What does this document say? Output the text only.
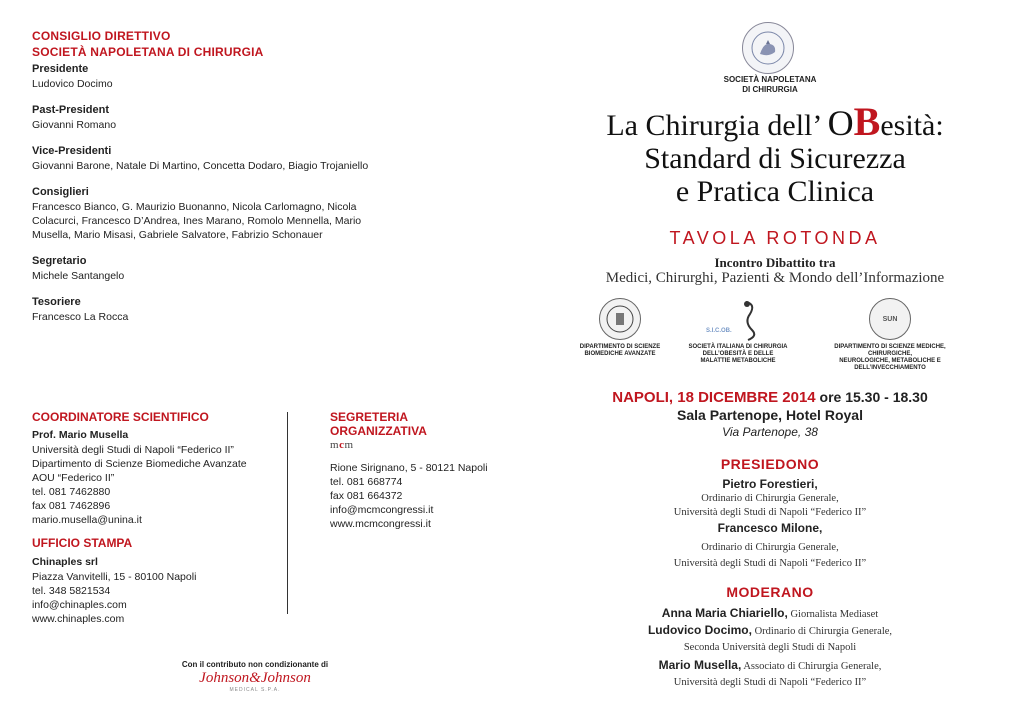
CONSIGLIO DIRETTIVO
SOCIETÀ NAPOLETANA DI CHIRURGIA
Presidente
Ludovico Docimo
Past-President
Giovanni Romano
Vice-Presidenti
Giovanni Barone, Natale Di Martino, Concetta Dodaro, Biagio Trojaniello
Consiglieri
Francesco Bianco, G. Maurizio Buonanno, Nicola Carlomagno, Nicola Colacurci, Francesco D’Andrea, Ines Marano, Romolo Mennella, Mario Musella, Mario Misasi, Gabriele Salvatore, Fabrizio Schonauer
Segretario
Michele Santangelo
Tesoriere
Francesco La Rocca
COORDINATORE SCIENTIFICO
Prof. Mario Musella
Università degli Studi di Napoli “Federico II”
Dipartimento di Scienze Biomediche Avanzate
AOU “Federico II”
tel. 081 7462880
fax 081 7462896
mario.musella@unina.it
UFFICIO STAMPA
Chinaples srl
Piazza Vanvitelli, 15 - 80100 Napoli
tel. 348 5821534
info@chinaples.com
www.chinaples.com
SEGRETERIA
ORGANIZZATIVA
mcm
Rione Sirignano, 5 - 80121 Napoli
tel. 081 668774
fax 081 664372
info@mcmcongressi.it
www.mcmcongressi.it
Con il contributo non condizionante di
Johnson&Johnson
MEDICAL S.P.A.
SOCIETÀ NAPOLETANA
DI CHIRURGIA
La Chirurgia dell’ OBesità:
Standard di Sicurezza
e Pratica Clinica
TAVOLA ROTONDA
Incontro Dibattito tra
Medici, Chirurghi, Pazienti & Mondo dell’Informazione
DIPARTIMENTO DI SCIENZE
BIOMEDICHE AVANZATE
S.I.C.OB.
SOCIETÀ ITALIANA DI CHIRURGIA
DELL’OBESITÀ E DELLE
MALATTIE METABOLICHE
SUN
DIPARTIMENTO DI SCIENZE MEDICHE, CHIRURGICHE,
NEUROLOGICHE, METABOLICHE E
DELL’INVECCHIAMENTO
NAPOLI, 18 DICEMBRE 2014 ore 15.30 - 18.30
Sala Partenope, Hotel Royal
Via Partenope, 38
PRESIEDONO
Pietro Forestieri,
Ordinario di Chirurgia Generale,
Università degli Studi di Napoli “Federico II”
Francesco Milone,
Ordinario di Chirurgia Generale,
Università degli Studi di Napoli “Federico II”
MODERANO
Anna Maria Chiariello, Giornalista Mediaset
Ludovico Docimo, Ordinario di Chirurgia Generale,
Seconda Università degli Studi di Napoli
Mario Musella, Associato di Chirurgia Generale,
Università degli Studi di Napoli “Federico II”
